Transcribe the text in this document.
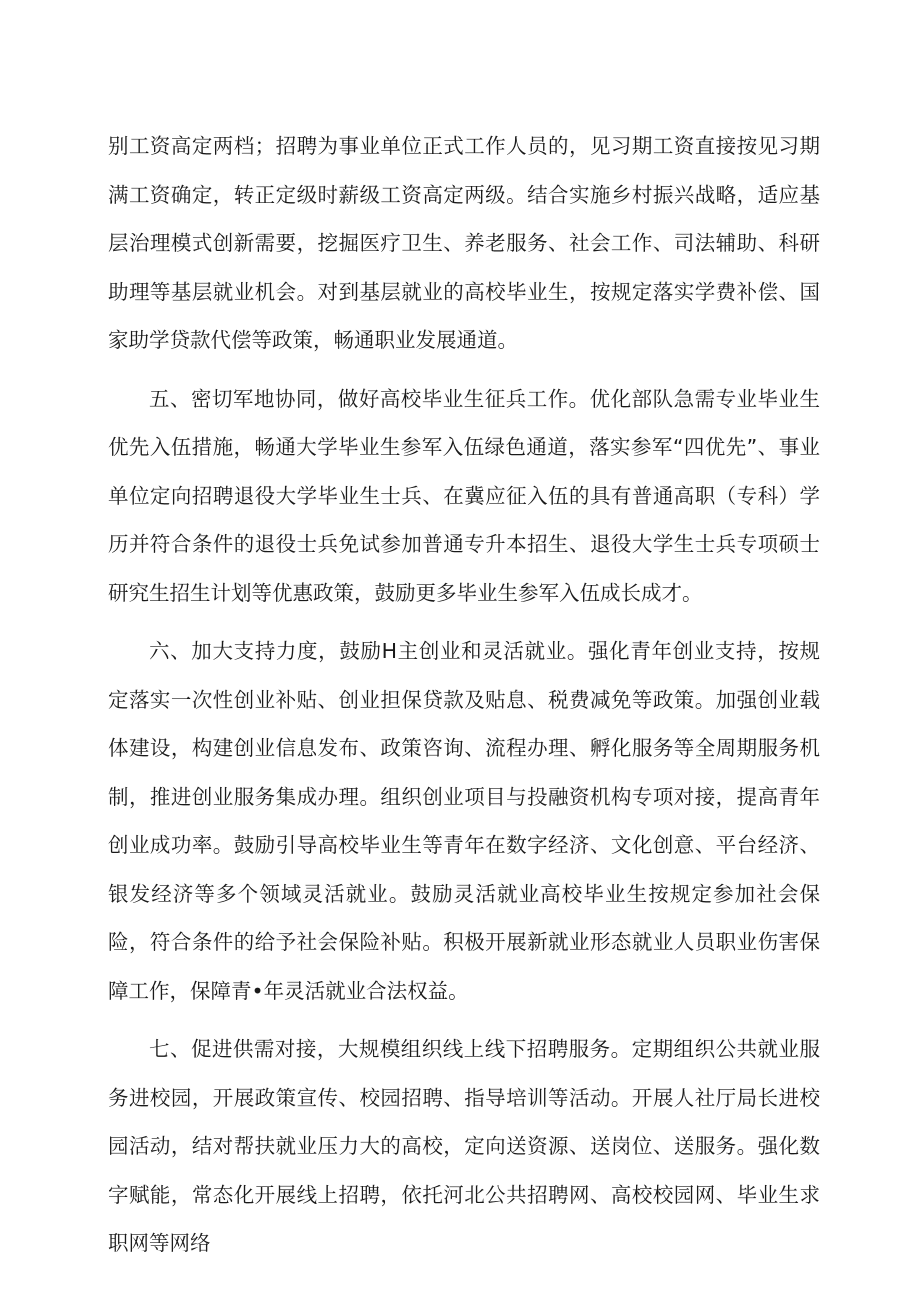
别工资高定两档；招聘为事业单位正式工作人员的，见习期工资直接按见习期满工资确定，转正定级时薪级工资高定两级。结合实施乡村振兴战略，适应基层治理模式创新需要，挖掘医疗卫生、养老服务、社会工作、司法辅助、科研助理等基层就业机会。对到基层就业的高校毕业生，按规定落实学费补偿、国家助学贷款代偿等政策，畅通职业发展通道。

五、密切军地协同，做好高校毕业生征兵工作。优化部队急需专业毕业生优先入伍措施，畅通大学毕业生参军入伍绿色通道，落实参军“四优先”、事业单位定向招聘退役大学毕业生士兵、在冀应征入伍的具有普通高职（专科）学历并符合条件的退役士兵免试参加普通专升本招生、退役大学生士兵专项硕士研究生招生计划等优惠政策，鼓励更多毕业生参军入伍成长成才。

六、加大支持力度，鼓励H主创业和灵活就业。强化青年创业支持，按规定落实一次性创业补贴、创业担保贷款及贴息、税费减免等政策。加强创业载体建设，构建创业信息发布、政策咨询、流程办理、孵化服务等全周期服务机制，推进创业服务集成办理。组织创业项目与投融资机构专项对接，提高青年创业成功率。鼓励引导高校毕业生等青年在数字经济、文化创意、平台经济、银发经济等多个领域灵活就业。鼓励灵活就业高校毕业生按规定参加社会保险，符合条件的给予社会保险补贴。积极开展新就业形态就业人员职业伤害保障工作，保障青•年灵活就业合法权益。

七、促进供需对接，大规模组织线上线下招聘服务。定期组织公共就业服务进校园，开展政策宣传、校园招聘、指导培训等活动。开展人社厅局长进校园活动，结对帮扶就业压力大的高校，定向送资源、送岗位、送服务。强化数字赋能，常态化开展线上招聘，依托河北公共招聘网、高校校园网、毕业生求职网等网络
